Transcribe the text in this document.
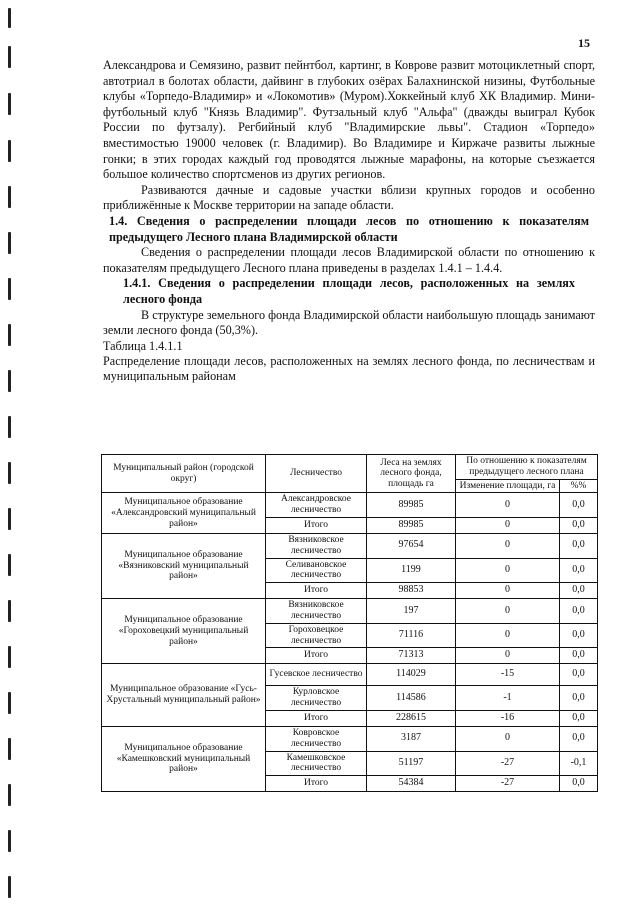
15

Александрова и Семязино, развит пейнтбол, картинг, в Коврове развит мотоциклетный спорт, автотриал в болотах области, дайвинг в глубоких озёрах Балахнинской низины, Футбольные клубы «Торпедо-Владимир» и «Локомотив» (Муром).Хоккейный клуб ХК Владимир. Мини-футбольный клуб "Князь Владимир". Футзальный клуб "Альфа" (дважды выиграл Кубок России по футзалу). Регбийный клуб "Владимирские львы". Стадион «Торпедо» вместимостью 19000 человек (г. Владимир). Во Владимире и Киржаче развиты лыжные гонки; в этих городах каждый год проводятся лыжные марафоны, на которые съезжается большое количество спортсменов из других регионов.

Развиваются дачные и садовые участки вблизи крупных городов и особенно приближённые к Москве территории на западе области.

1.4. Сведения о распределении площади лесов по отношению к показателям предыдущего Лесного плана Владимирской области

Сведения о распределении площади лесов Владимирской области по отношению к показателям предыдущего Лесного плана приведены в разделах 1.4.1 – 1.4.4.

1.4.1. Сведения о распределении площади лесов, расположенных на землях лесного фонда

В структуре земельного фонда Владимирской области наибольшую площадь занимают земли лесного фонда (50,3%).

Таблица 1.4.1.1

Распределение площади лесов, расположенных на землях лесного фонда, по лесничествам и муниципальным районам

Муниципальный район (городской округ)	Лесничество	Леса на землях лесного фонда, площадь га	По отношению к показателям предыдущего лесного плана	
			Изменение площади, га	%%
Муниципальное образование «Александровский муниципальный район»	Александровское лесничество	89985	0	0,0
	Итого	89985	0	0,0
Муниципальное образование «Вязниковский муниципальный район»	Вязниковское лесничество	97654	0	0,0
	Селивановское лесничество	1199	0	0,0
	Итого	98853	0	0,0
Муниципальное образование «Гороховецкий муниципальный район»	Вязниковское лесничество	197	0	0,0
	Гороховецкое лесничество	71116	0	0,0
	Итого	71313	0	0,0
Муниципальное образование «Гусь-Хрустальный муниципальный район»	Гусевское лесничество	114029	-15	0,0
	Курловское лесничество	114586	-1	0,0
	Итого	228615	-16	0,0
Муниципальное образование «Камешковский муниципальный район»	Ковровское лесничество	3187	0	0,0
	Камешковское лесничество	51197	-27	-0,1
	Итого	54384	-27	0,0
